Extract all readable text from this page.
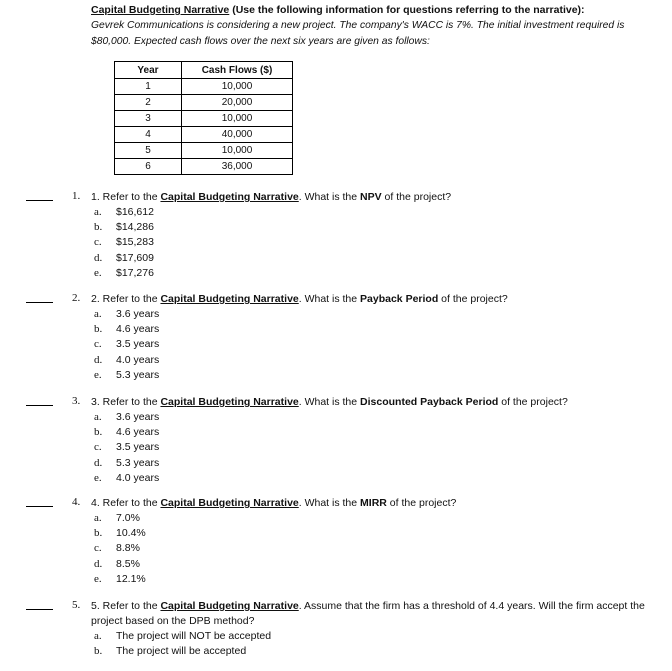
Capital Budgeting Narrative (Use the following information for questions referring to the narrative):
Gevrek Communications is considering a new project. The company's WACC is 7%. The initial investment required is $80,000. Expected cash flows over the next six years are given as follows:
Year	Cash Flows ($)
1	10,000
2	20,000
3	10,000
4	40,000
5	10,000
6	36,000
1. 1. Refer to the Capital Budgeting Narrative. What is the NPV of the project?
a.	$16,612
b.	$14,286
c.	$15,283
d.	$17,609
e.	$17,276
2. 2. Refer to the Capital Budgeting Narrative. What is the Payback Period of the project?
a.	3.6 years
b.	4.6 years
c.	3.5 years
d.	4.0 years
e.	5.3 years
3. 3. Refer to the Capital Budgeting Narrative. What is the Discounted Payback Period of the project?
a.	3.6 years
b.	4.6 years
c.	3.5 years
d.	5.3 years
e.	4.0 years
4. 4. Refer to the Capital Budgeting Narrative. What is the MIRR of the project?
a.	7.0%
b.	10.4%
c.	8.8%
d.	8.5%
e.	12.1%
5. 5. Refer to the Capital Budgeting Narrative. Assume that the firm has a threshold of 4.4 years. Will the firm accept the project based on the DPB method?
a.	The project will NOT be accepted
b.	The project will be accepted
